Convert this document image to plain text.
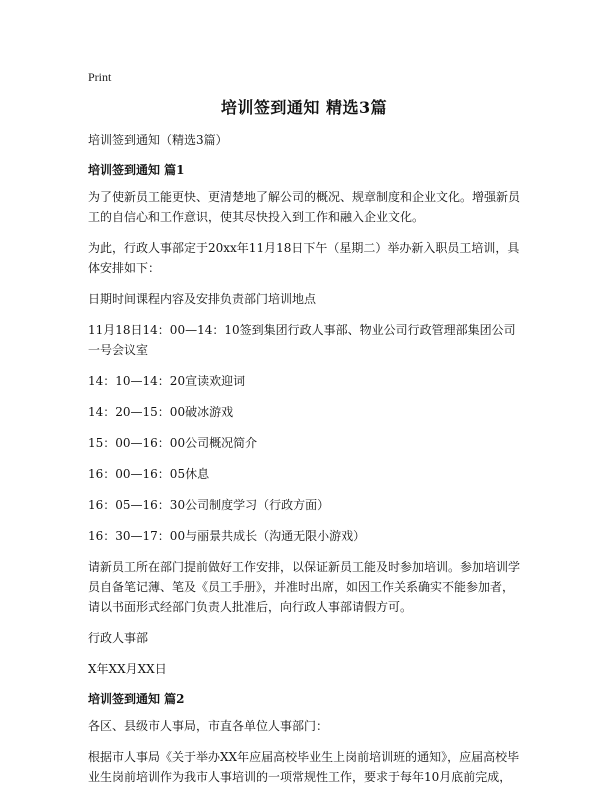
Print
培训签到通知 精选3篇

培训签到通知（精选3篇）

培训签到通知 篇1

为了使新员工能更快、更清楚地了解公司的概况、规章制度和企业文化。增强新员工的自信心和工作意识，使其尽快投入到工作和融入企业文化。

为此，行政人事部定于20xx年11月18日下午（星期二）举办新入职员工培训，具体安排如下：

日期时间课程内容及安排负责部门培训地点

11月18日14：00—14：10签到集团行政人事部、物业公司行政管理部集团公司一号会议室

14：10—14：20宣读欢迎词

14：20—15：00破冰游戏

15：00—16：00公司概况简介

16：00—16：05休息

16：05—16：30公司制度学习（行政方面）

16：30—17：00与丽景共成长（沟通无限小游戏）

请新员工所在部门提前做好工作安排，以保证新员工能及时参加培训。参加培训学员自备笔记薄、笔及《员工手册》，并准时出席，如因工作关系确实不能参加者，请以书面形式经部门负责人批准后，向行政人事部请假方可。

行政人事部

X年XX月XX日

培训签到通知 篇2

各区、县级市人事局，市直各单位人事部门：

根据市人事局《关于举办XX年应届高校毕业生上岗前培训班的通知》，应届高校毕业生岗前培训作为我市人事培训的一项常规性工作，要求于每年10月底前完成，
